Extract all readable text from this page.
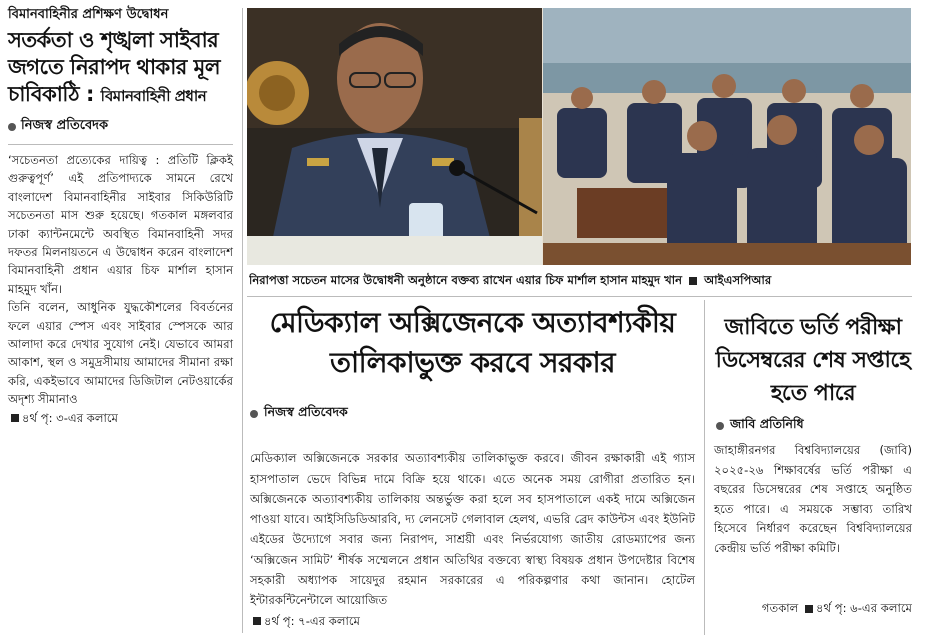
বিমানবাহিনীর প্রশিক্ষণ উদ্বোধন
সতর্কতা ও শৃঙ্খলা সাইবার জগতে নিরাপদ থাকার মূল চাবিকাঠি : বিমানবাহিনী প্রধান
নিজস্ব প্রতিবেদক
‘সচেতনতা প্রত্যেকের দায়িত্ব : প্রতিটি ক্লিকই গুরুত্বপূর্ণ’ এই প্রতিপাদ্যকে সামনে রেখে বাংলাদেশ বিমানবাহিনীর সাইবার সিকিউরিটি সচেতনতা মাস শুরু হয়েছে। গতকাল মঙ্গলবার ঢাকা ক্যান্টনমেন্টে অবস্থিত বিমানবাহিনী সদর দফতর মিলনায়তনে এ উদ্বোধন করেন বাংলাদেশ বিমানবাহিনী প্রধান এয়ার চিফ মার্শাল হাসান মাহমুদ খাঁন।
তিনি বলেন, আধুনিক যুদ্ধকৌশলের বিবর্তনের ফলে এয়ার স্পেস এবং সাইবার স্পেসকে আর আলাদা করে দেখার সুযোগ নেই। যেভাবে আমরা আকাশ, স্থল ও সমুদ্রসীমায় আমাদের সীমানা রক্ষা করি, একইভাবে আমাদের ডিজিটাল নেটওয়ার্কের অদৃশ্য সীমানাও
৪র্থ পৃ: ৩-এর কলামে
নিরাপত্তা সচেতন মাসের উদ্বোধনী অনুষ্ঠানে বক্তব্য রাখেন এয়ার চিফ মার্শাল হাসান মাহমুদ খান আইএসপিআর
মেডিক্যাল অক্সিজেনকে অত্যাবশ্যকীয় তালিকাভুক্ত করবে সরকার
নিজস্ব প্রতিবেদক

মেডিক্যাল অক্সিজেনকে সরকার অত্যাবশ্যকীয় তালিকাভুক্ত করবে। জীবন রক্ষাকারী এই গ্যাস হাসপাতাল ভেদে বিভিন্ন দামে বিক্রি হয়ে থাকে। এতে অনেক সময় রোগীরা প্রতারিত হন। অক্সিজেনকে অত্যাবশ্যকীয় তালিকায় অন্তর্ভুক্ত করা হলে সব হাসপাতালে একই দামে অক্সিজেন পাওয়া যাবে। আইসিডিডিআরবি, দ্য লেনসেট গেলাবাল হেলথ, এভরি ব্রেদ কাউন্টস এবং ইউনিট এইডের উদ্যোগে সবার জন্য নিরাপদ, সাশ্রয়ী এবং নির্ভরযোগ্য জাতীয় রোডম্যাপের জন্য ‘অক্সিজেন সামিট’ শীর্ষক সম্মেলনে প্রধান অতিথির বক্তব্যে স্বাস্থ্য বিষয়ক প্রধান উপদেষ্টার বিশেষ সহকারী অধ্যাপক সায়েদুর রহমান সরকারের এ পরিকল্পণার কথা জানান। হোটেল ইন্টারকন্টিনেন্টালে আয়োজিত
৪র্থ পৃ: ৭-এর কলামে

জাবিতে ভর্তি পরীক্ষা ডিসেম্বরের শেষ সপ্তাহে হতে পারে
জাবি প্রতিনিধি
জাহাঙ্গীরনগর বিশ্ববিদ্যালয়ের (জাবি) ২০২৫-২৬ শিক্ষাবর্ষের ভর্তি পরীক্ষা এ বছরের ডিসেম্বরের শেষ সপ্তাহে অনুষ্ঠিত হতে পারে। এ সময়কে সম্ভাব্য তারিখ হিসেবে নির্ধারণ করেছেন বিশ্ববিদ্যালয়ের কেন্দ্রীয় ভর্তি পরীক্ষা কমিটি।
গতকাল ৪র্থ পৃ: ৬-এর কলামে
